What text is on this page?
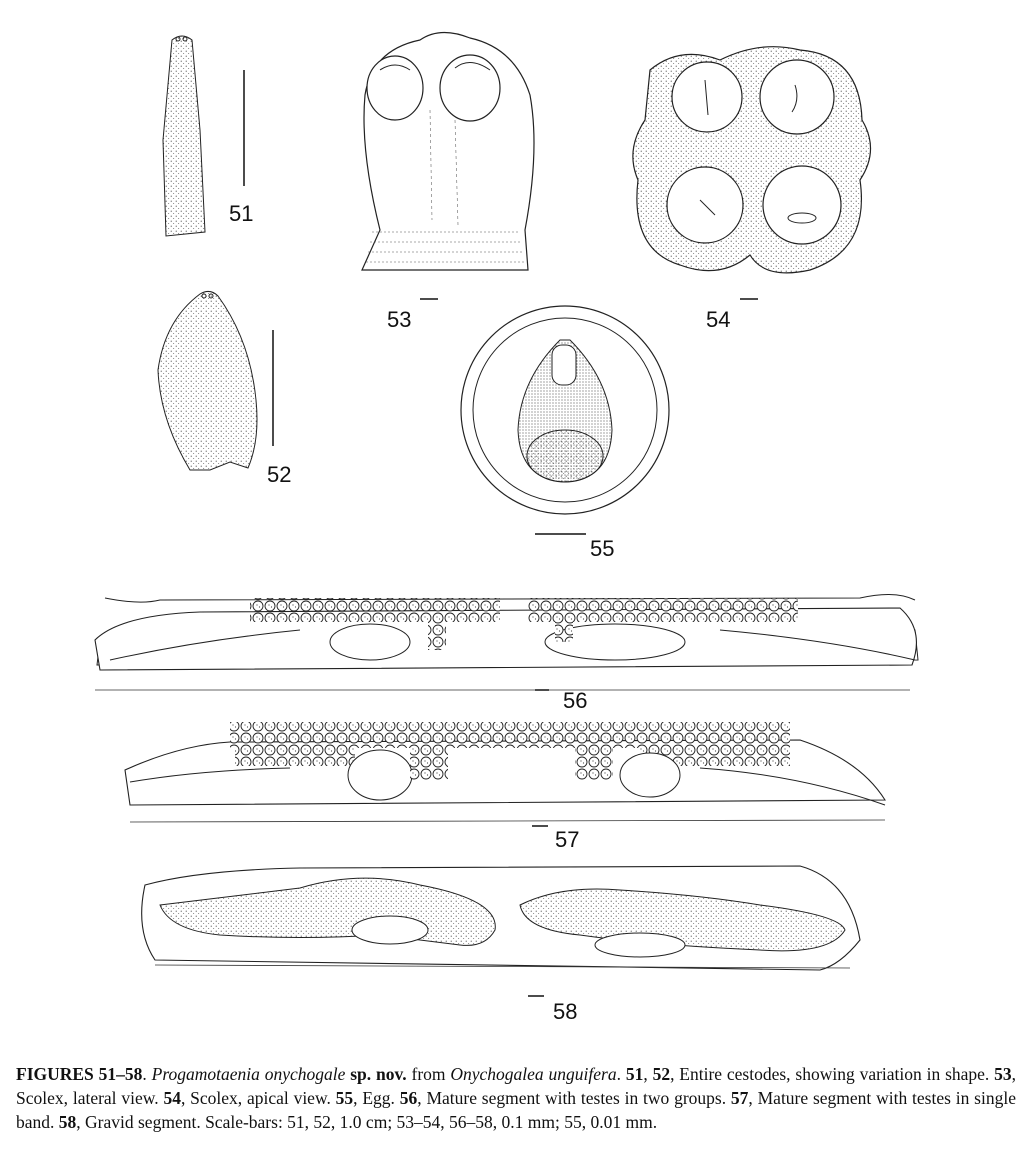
51
52
53	54
55
56
57
58
FIGURES 51–58. Progamotaenia onychogale sp. nov. from Onychogalea unguifera. 51, 52, Entire cestodes, showing variation in shape. 53, Scolex, lateral view. 54, Scolex, apical view. 55, Egg. 56, Mature segment with testes in two groups. 57, Mature segment with testes in single band. 58, Gravid segment. Scale-bars: 51, 52, 1.0 cm; 53–54, 56–58, 0.1 mm; 55, 0.01 mm.
